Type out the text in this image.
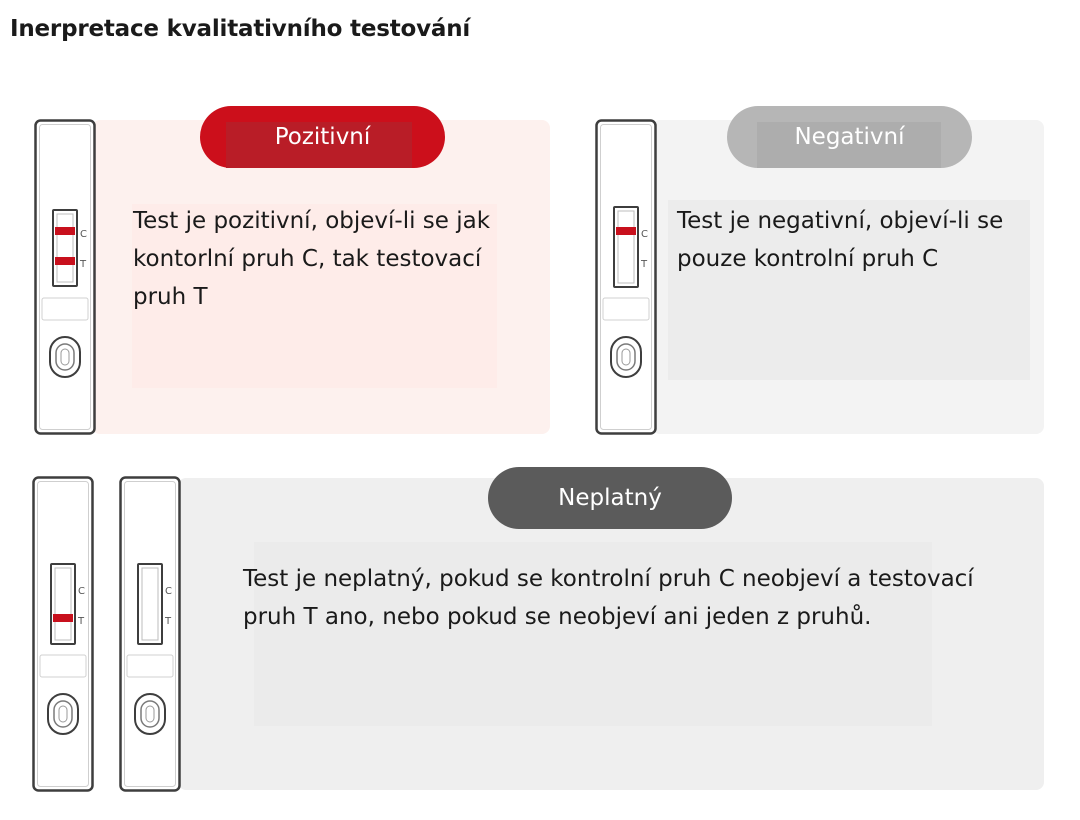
Inerpretace kvalitativního testování
Pozitivní
Test je pozitivní, objeví-li se jak kontorlní pruh C, tak testovací pruh T
C
T
Negativní
Test je negativní, objeví-li se pouze kontrolní pruh C
C
T
Neplatný
Test je neplatný, pokud se kontrolní pruh C neobjeví a testovací pruh T ano, nebo pokud se neobjeví ani jeden z pruhů.
C
T
C
T
